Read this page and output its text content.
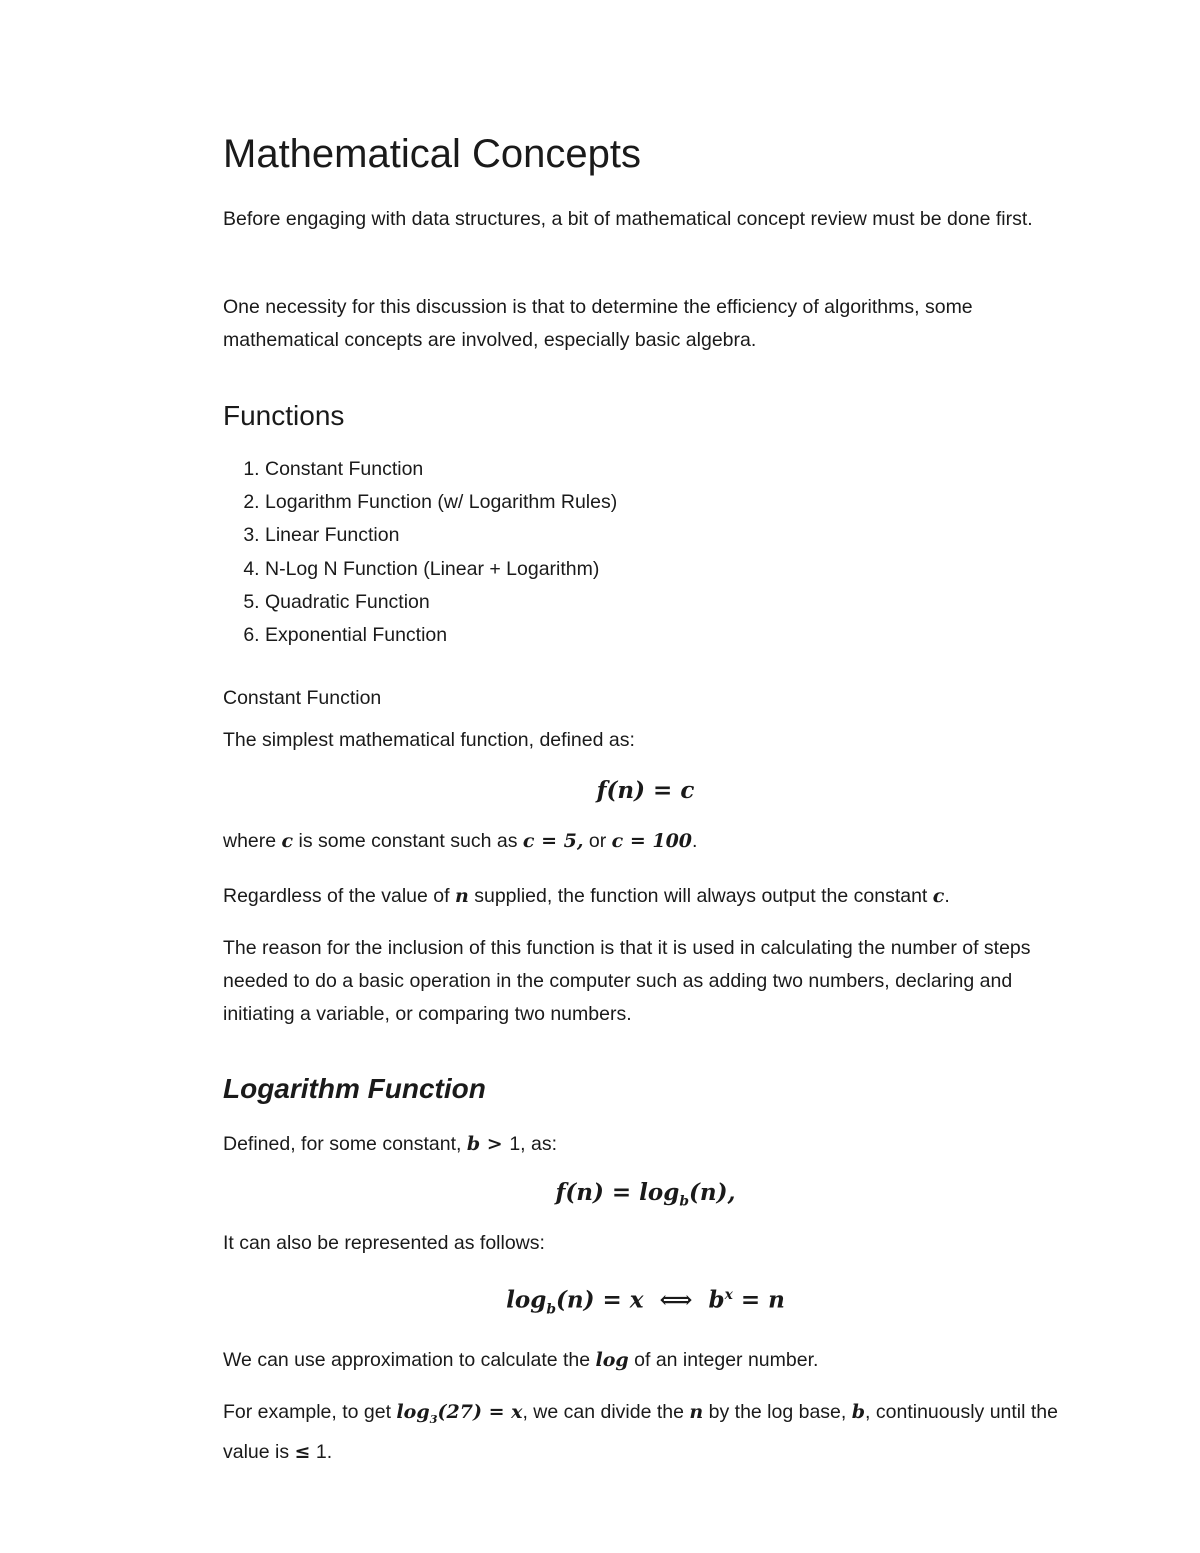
Mathematical Concepts

Before engaging with data structures, a bit of mathematical concept review must be done first.

One necessity for this discussion is that to determine the efficiency of algorithms, some mathematical concepts are involved, especially basic algebra.

Functions
1. Constant Function
2. Logarithm Function (w/ Logarithm Rules)
3. Linear Function
4. N-Log N Function (Linear + Logarithm)
5. Quadratic Function
6. Exponential Function
Constant Function

The simplest mathematical function, defined as:

f(n) = c

where c is some constant such as c = 5, or c = 100.

Regardless of the value of n supplied, the function will always output the constant c.

The reason for the inclusion of this function is that it is used in calculating the number of steps needed to do a basic operation in the computer such as adding two numbers, declaring and initiating a variable, or comparing two numbers.

Logarithm Function

Defined, for some constant, b > 1, as:

$f(n) = \log_b(n)$,

It can also be represented as follows:

$\log_b(n) = x$  ⟺  $b^x = n$

We can use approximation to calculate the log of an integer number.

For example, to get $\log_3(27) = x$, we can divide the n by the log base, b, continuously until the value is ≤ 1.
